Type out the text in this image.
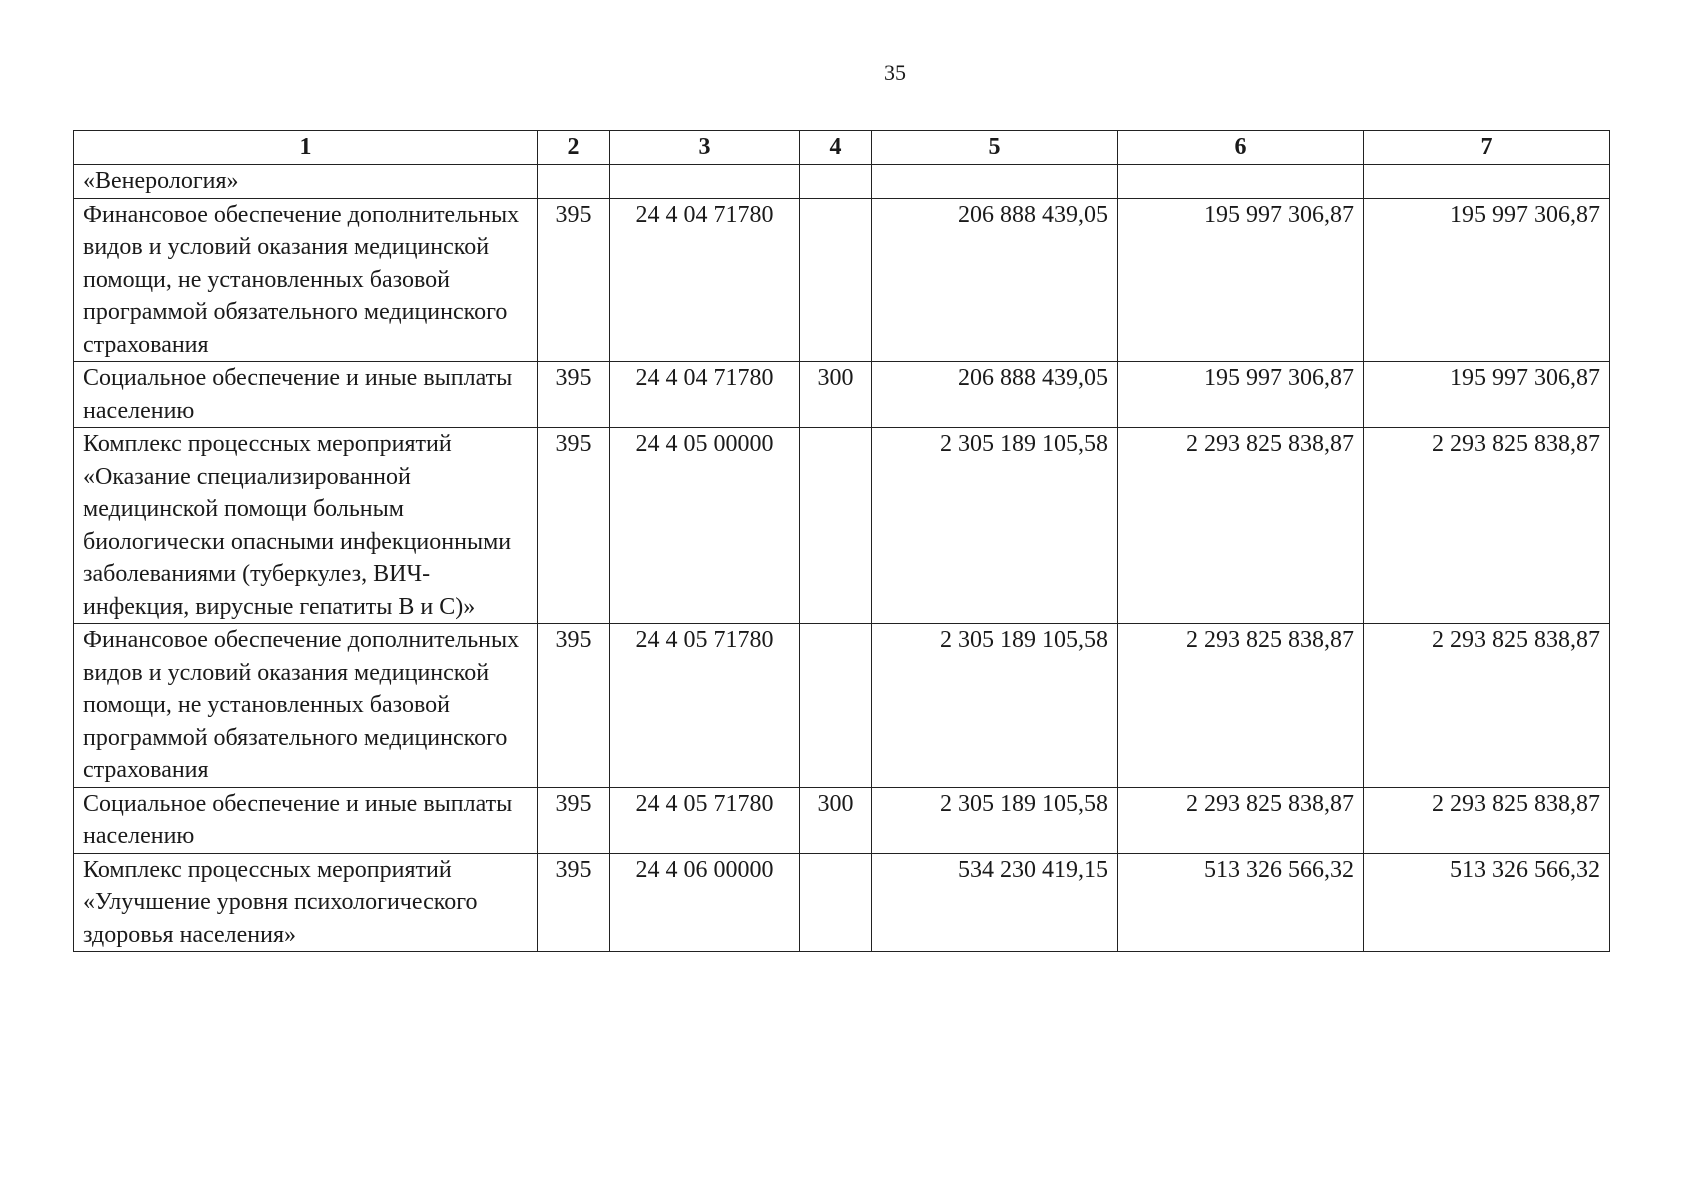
35
1	2	3	4	5	6	7
«Венерология»						
Финансовое обеспечение дополнительных видов и условий оказания медицинской помощи, не установленных базовой программой обязательного медицинского страхования	395	24 4 04 71780		206 888 439,05	195 997 306,87	195 997 306,87
Социальное обеспечение и иные выплаты населению	395	24 4 04 71780	300	206 888 439,05	195 997 306,87	195 997 306,87
Комплекс процессных мероприятий «Оказание специализированной медицинской помощи больным биологически опасными инфекционными заболеваниями (туберкулез, ВИЧ-инфекция, вирусные гепатиты В и С)»	395	24 4 05 00000		2 305 189 105,58	2 293 825 838,87	2 293 825 838,87
Финансовое обеспечение дополнительных видов и условий оказания медицинской помощи, не установленных базовой программой обязательного медицинского страхования	395	24 4 05 71780		2 305 189 105,58	2 293 825 838,87	2 293 825 838,87
Социальное обеспечение и иные выплаты населению	395	24 4 05 71780	300	2 305 189 105,58	2 293 825 838,87	2 293 825 838,87
Комплекс процессных мероприятий «Улучшение уровня психологического здоровья населения»	395	24 4 06 00000		534 230 419,15	513 326 566,32	513 326 566,32
